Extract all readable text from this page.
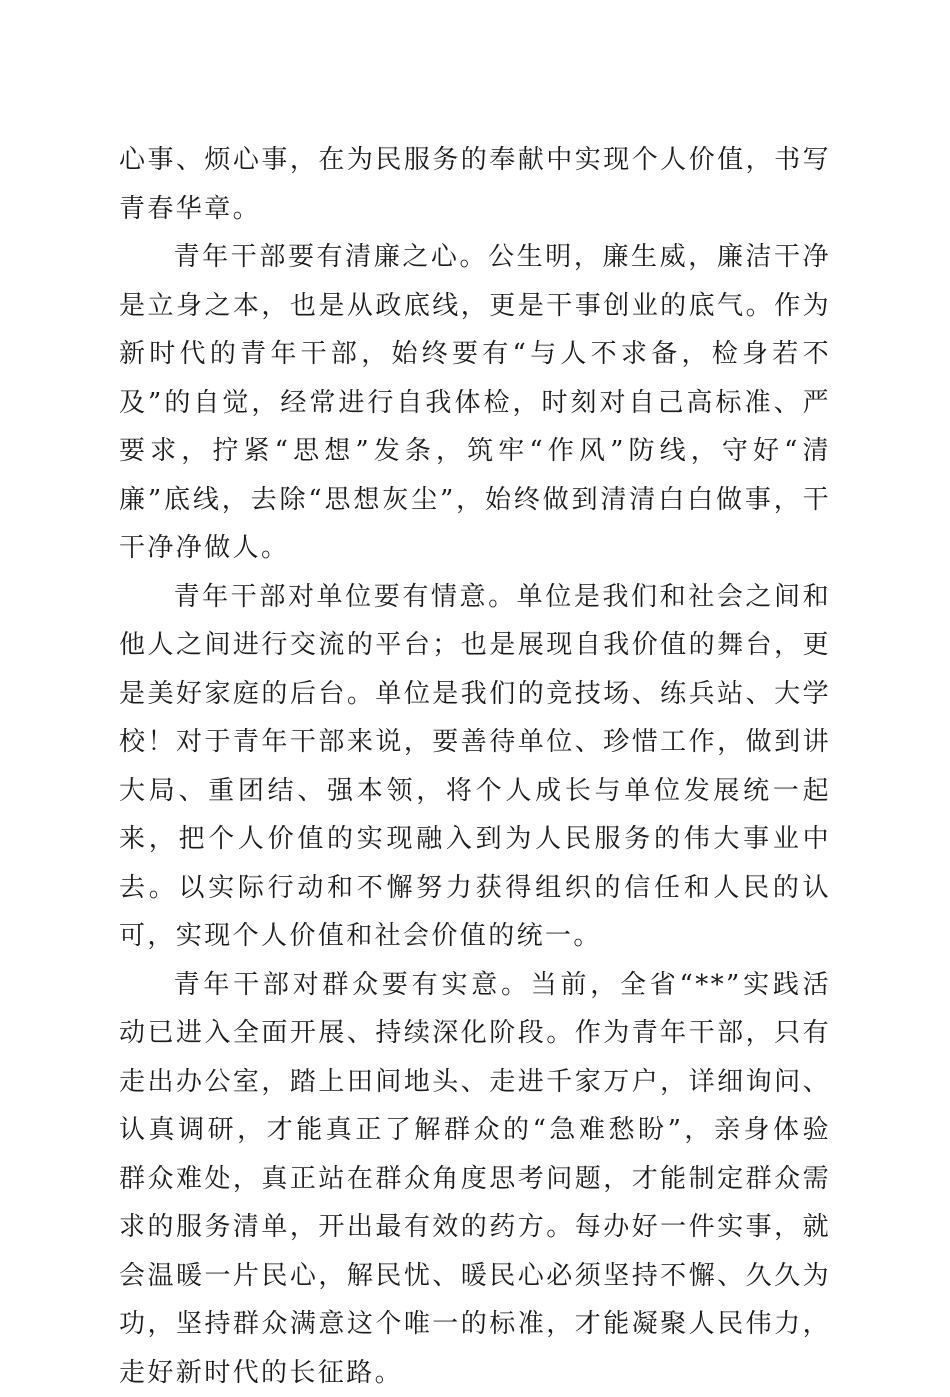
心事、烦心事，在为民服务的奉献中实现个人价值，书写青春华章。

青年干部要有清廉之心。公生明，廉生威，廉洁干净是立身之本，也是从政底线，更是干事创业的底气。作为新时代的青年干部，始终要有“与人不求备，检身若不及”的自觉，经常进行自我体检，时刻对自己高标准、严要求，拧紧“思想”发条，筑牢“作风”防线，守好“清廉”底线，去除“思想灰尘”，始终做到清清白白做事，干干净净做人。

青年干部对单位要有情意。单位是我们和社会之间和他人之间进行交流的平台；也是展现自我价值的舞台，更是美好家庭的后台。单位是我们的竞技场、练兵站、大学校！对于青年干部来说，要善待单位、珍惜工作，做到讲大局、重团结、强本领，将个人成长与单位发展统一起来，把个人价值的实现融入到为人民服务的伟大事业中去。以实际行动和不懈努力获得组织的信任和人民的认可，实现个人价值和社会价值的统一。

青年干部对群众要有实意。当前，全省“**”实践活动已进入全面开展、持续深化阶段。作为青年干部，只有走出办公室，踏上田间地头、走进千家万户，详细询问、认真调研，才能真正了解群众的“急难愁盼”，亲身体验群众难处，真正站在群众角度思考问题，才能制定群众需求的服务清单，开出最有效的药方。每办好一件实事，就会温暖一片民心，解民忧、暖民心必须坚持不懈、久久为功，坚持群众满意这个唯一的标准，才能凝聚人民伟力，走好新时代的长征路。
